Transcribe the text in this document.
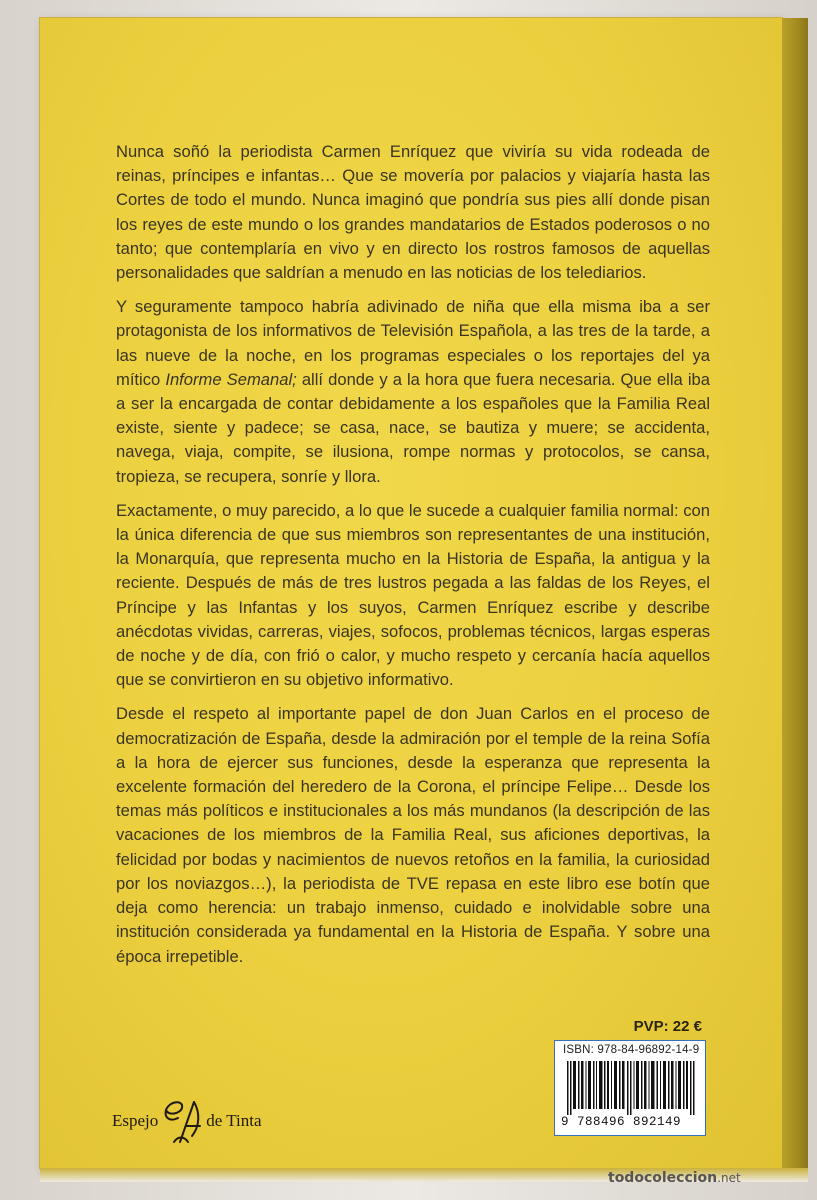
Nunca soñó la periodista Carmen Enríquez que viviría su vida rodeada de reinas, príncipes e infantas… Que se movería por palacios y viajaría hasta las Cortes de todo el mundo. Nunca imaginó que pondría sus pies allí donde pisan los reyes de este mundo o los grandes mandatarios de Estados poderosos o no tanto; que contemplaría en vivo y en directo los rostros famosos de aquellas personalidades que saldrían a menudo en las noticias de los telediarios.

Y seguramente tampoco habría adivinado de niña que ella misma iba a ser protagonista de los informativos de Televisión Española, a las tres de la tarde, a las nueve de la noche, en los programas especiales o los reportajes del ya mítico Informe Semanal; allí donde y a la hora que fuera necesaria. Que ella iba a ser la encargada de contar debidamente a los españoles que la Familia Real existe, siente y padece; se casa, nace, se bautiza y muere; se accidenta, navega, viaja, compite, se ilusiona, rompe normas y protocolos, se cansa, tropieza, se recupera, sonríe y llora.

Exactamente, o muy parecido, a lo que le sucede a cualquier familia normal: con la única diferencia de que sus miembros son representantes de una institución, la Monarquía, que representa mucho en la Historia de España, la antigua y la reciente. Después de más de tres lustros pegada a las faldas de los Reyes, el Príncipe y las Infantas y los suyos, Carmen Enríquez escribe y describe anécdotas vividas, carreras, viajes, sofocos, problemas técnicos, largas esperas de noche y de día, con frió o calor, y mucho respeto y cercanía hacía aquellos que se convirtieron en su objetivo informativo.

Desde el respeto al importante papel de don Juan Carlos en el proceso de democratización de España, desde la admiración por el temple de la reina Sofía a la hora de ejercer sus funciones, desde la esperanza que representa la excelente formación del heredero de la Corona, el príncipe Felipe… Desde los temas más políticos e institucionales a los más mundanos (la descripción de las vacaciones de los miembros de la Familia Real, sus aficiones deportivas, la felicidad por bodas y nacimientos de nuevos retoños en la familia, la curiosidad por los noviazgos…), la periodista de TVE repasa en este libro ese botín que deja como herencia: un trabajo inmenso, cuidado e inolvidable sobre una institución considerada ya fundamental en la Historia de España. Y sobre una época irrepetible.

PVP: 22 €
ISBN: 978-84-96892-14-9
9 788496 892149
Espejo	de Tinta
todocoleccion.net
